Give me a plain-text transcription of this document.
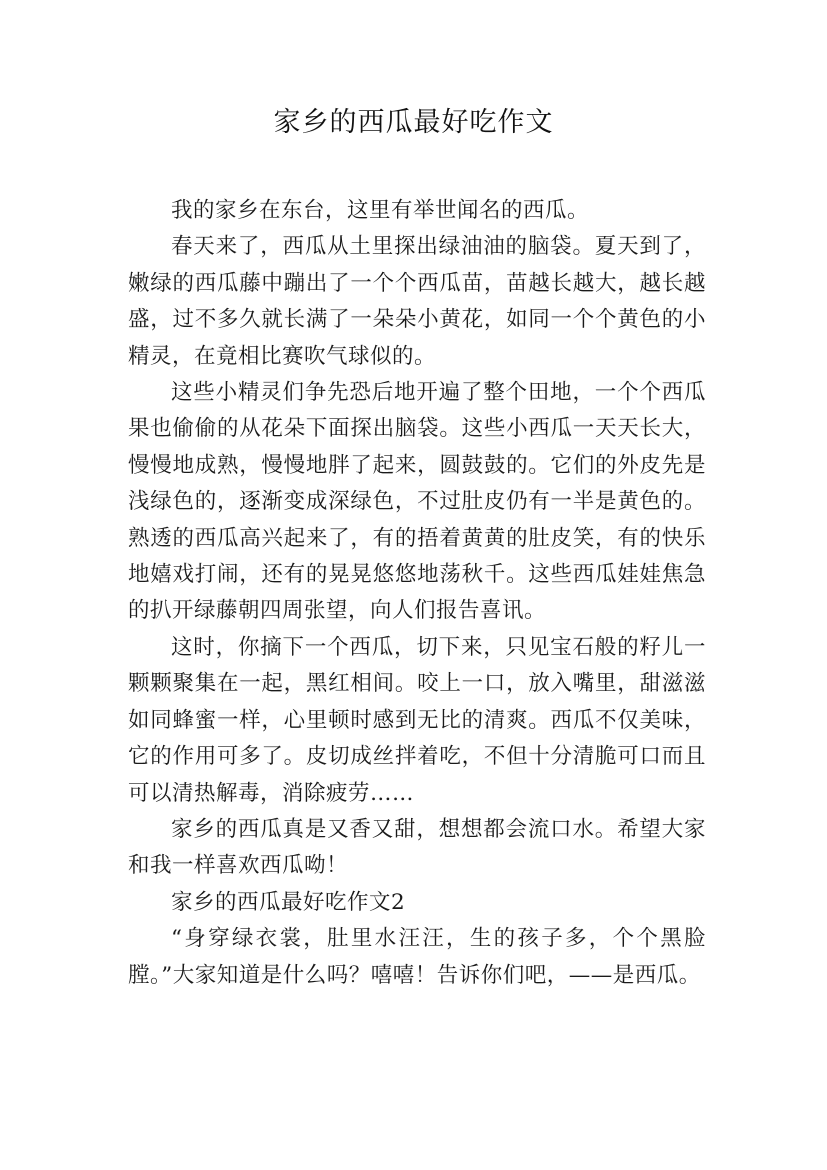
家乡的西瓜最好吃作文

我的家乡在东台，这里有举世闻名的西瓜。

春天来了，西瓜从土里探出绿油油的脑袋。夏天到了，嫩绿的西瓜藤中蹦出了一个个西瓜苗，苗越长越大，越长越盛，过不多久就长满了一朵朵小黄花，如同一个个黄色的小精灵，在竟相比赛吹气球似的。

这些小精灵们争先恐后地开遍了整个田地，一个个西瓜果也偷偷的从花朵下面探出脑袋。这些小西瓜一天天长大，慢慢地成熟，慢慢地胖了起来，圆鼓鼓的。它们的外皮先是浅绿色的，逐渐变成深绿色，不过肚皮仍有一半是黄色的。熟透的西瓜高兴起来了，有的捂着黄黄的肚皮笑，有的快乐地嬉戏打闹，还有的晃晃悠悠地荡秋千。这些西瓜娃娃焦急的扒开绿藤朝四周张望，向人们报告喜讯。

这时，你摘下一个西瓜，切下来，只见宝石般的籽儿一颗颗聚集在一起，黑红相间。咬上一口，放入嘴里，甜滋滋如同蜂蜜一样，心里顿时感到无比的清爽。西瓜不仅美味，它的作用可多了。皮切成丝拌着吃，不但十分清脆可口而且可以清热解毒，消除疲劳……

家乡的西瓜真是又香又甜，想想都会流口水。希望大家和我一样喜欢西瓜呦！

家乡的西瓜最好吃作文2

“身穿绿衣裳，肚里水汪汪，生的孩子多，个个黑脸膛。”大家知道是什么吗？嘻嘻！告诉你们吧，——是西瓜。
